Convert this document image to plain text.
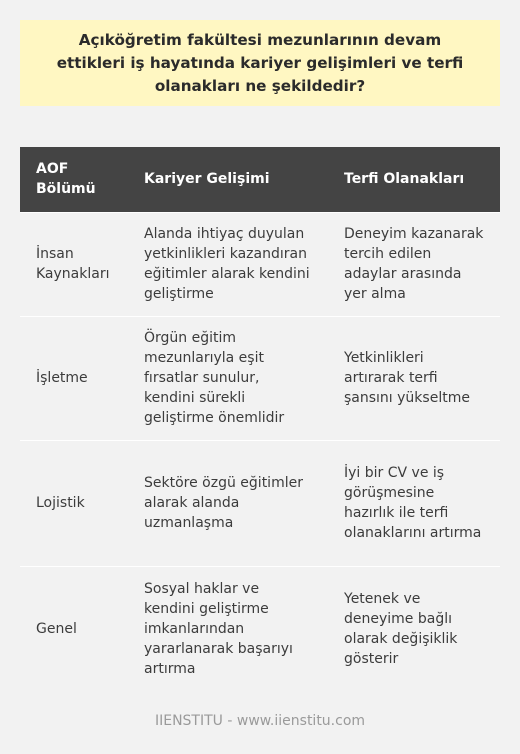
Açıköğretim fakültesi mezunlarının devam ettikleri iş hayatında kariyer gelişimleri ve terfi olanakları ne şekildedir?
AOF Bölümü	Kariyer Gelişimi	Terfi Olanakları
İnsan Kaynakları	Alanda ihtiyaç duyulan yetkinlikleri kazandıran eğitimler alarak kendini geliştirme	Deneyim kazanarak tercih edilen adaylar arasında yer alma
İşletme	Örgün eğitim mezunlarıyla eşit fırsatlar sunulur, kendini sürekli geliştirme önemlidir	Yetkinlikleri artırarak terfi şansını yükseltme
Lojistik	Sektöre özgü eğitimler alarak alanda uzmanlaşma	İyi bir CV ve iş görüşmesine hazırlık ile terfi olanaklarını artırma
Genel	Sosyal haklar ve kendini geliştirme imkanlarından yararlanarak başarıyı artırma	Yetenek ve deneyime bağlı olarak değişiklik gösterir
IIENSTITU - www.iienstitu.com
